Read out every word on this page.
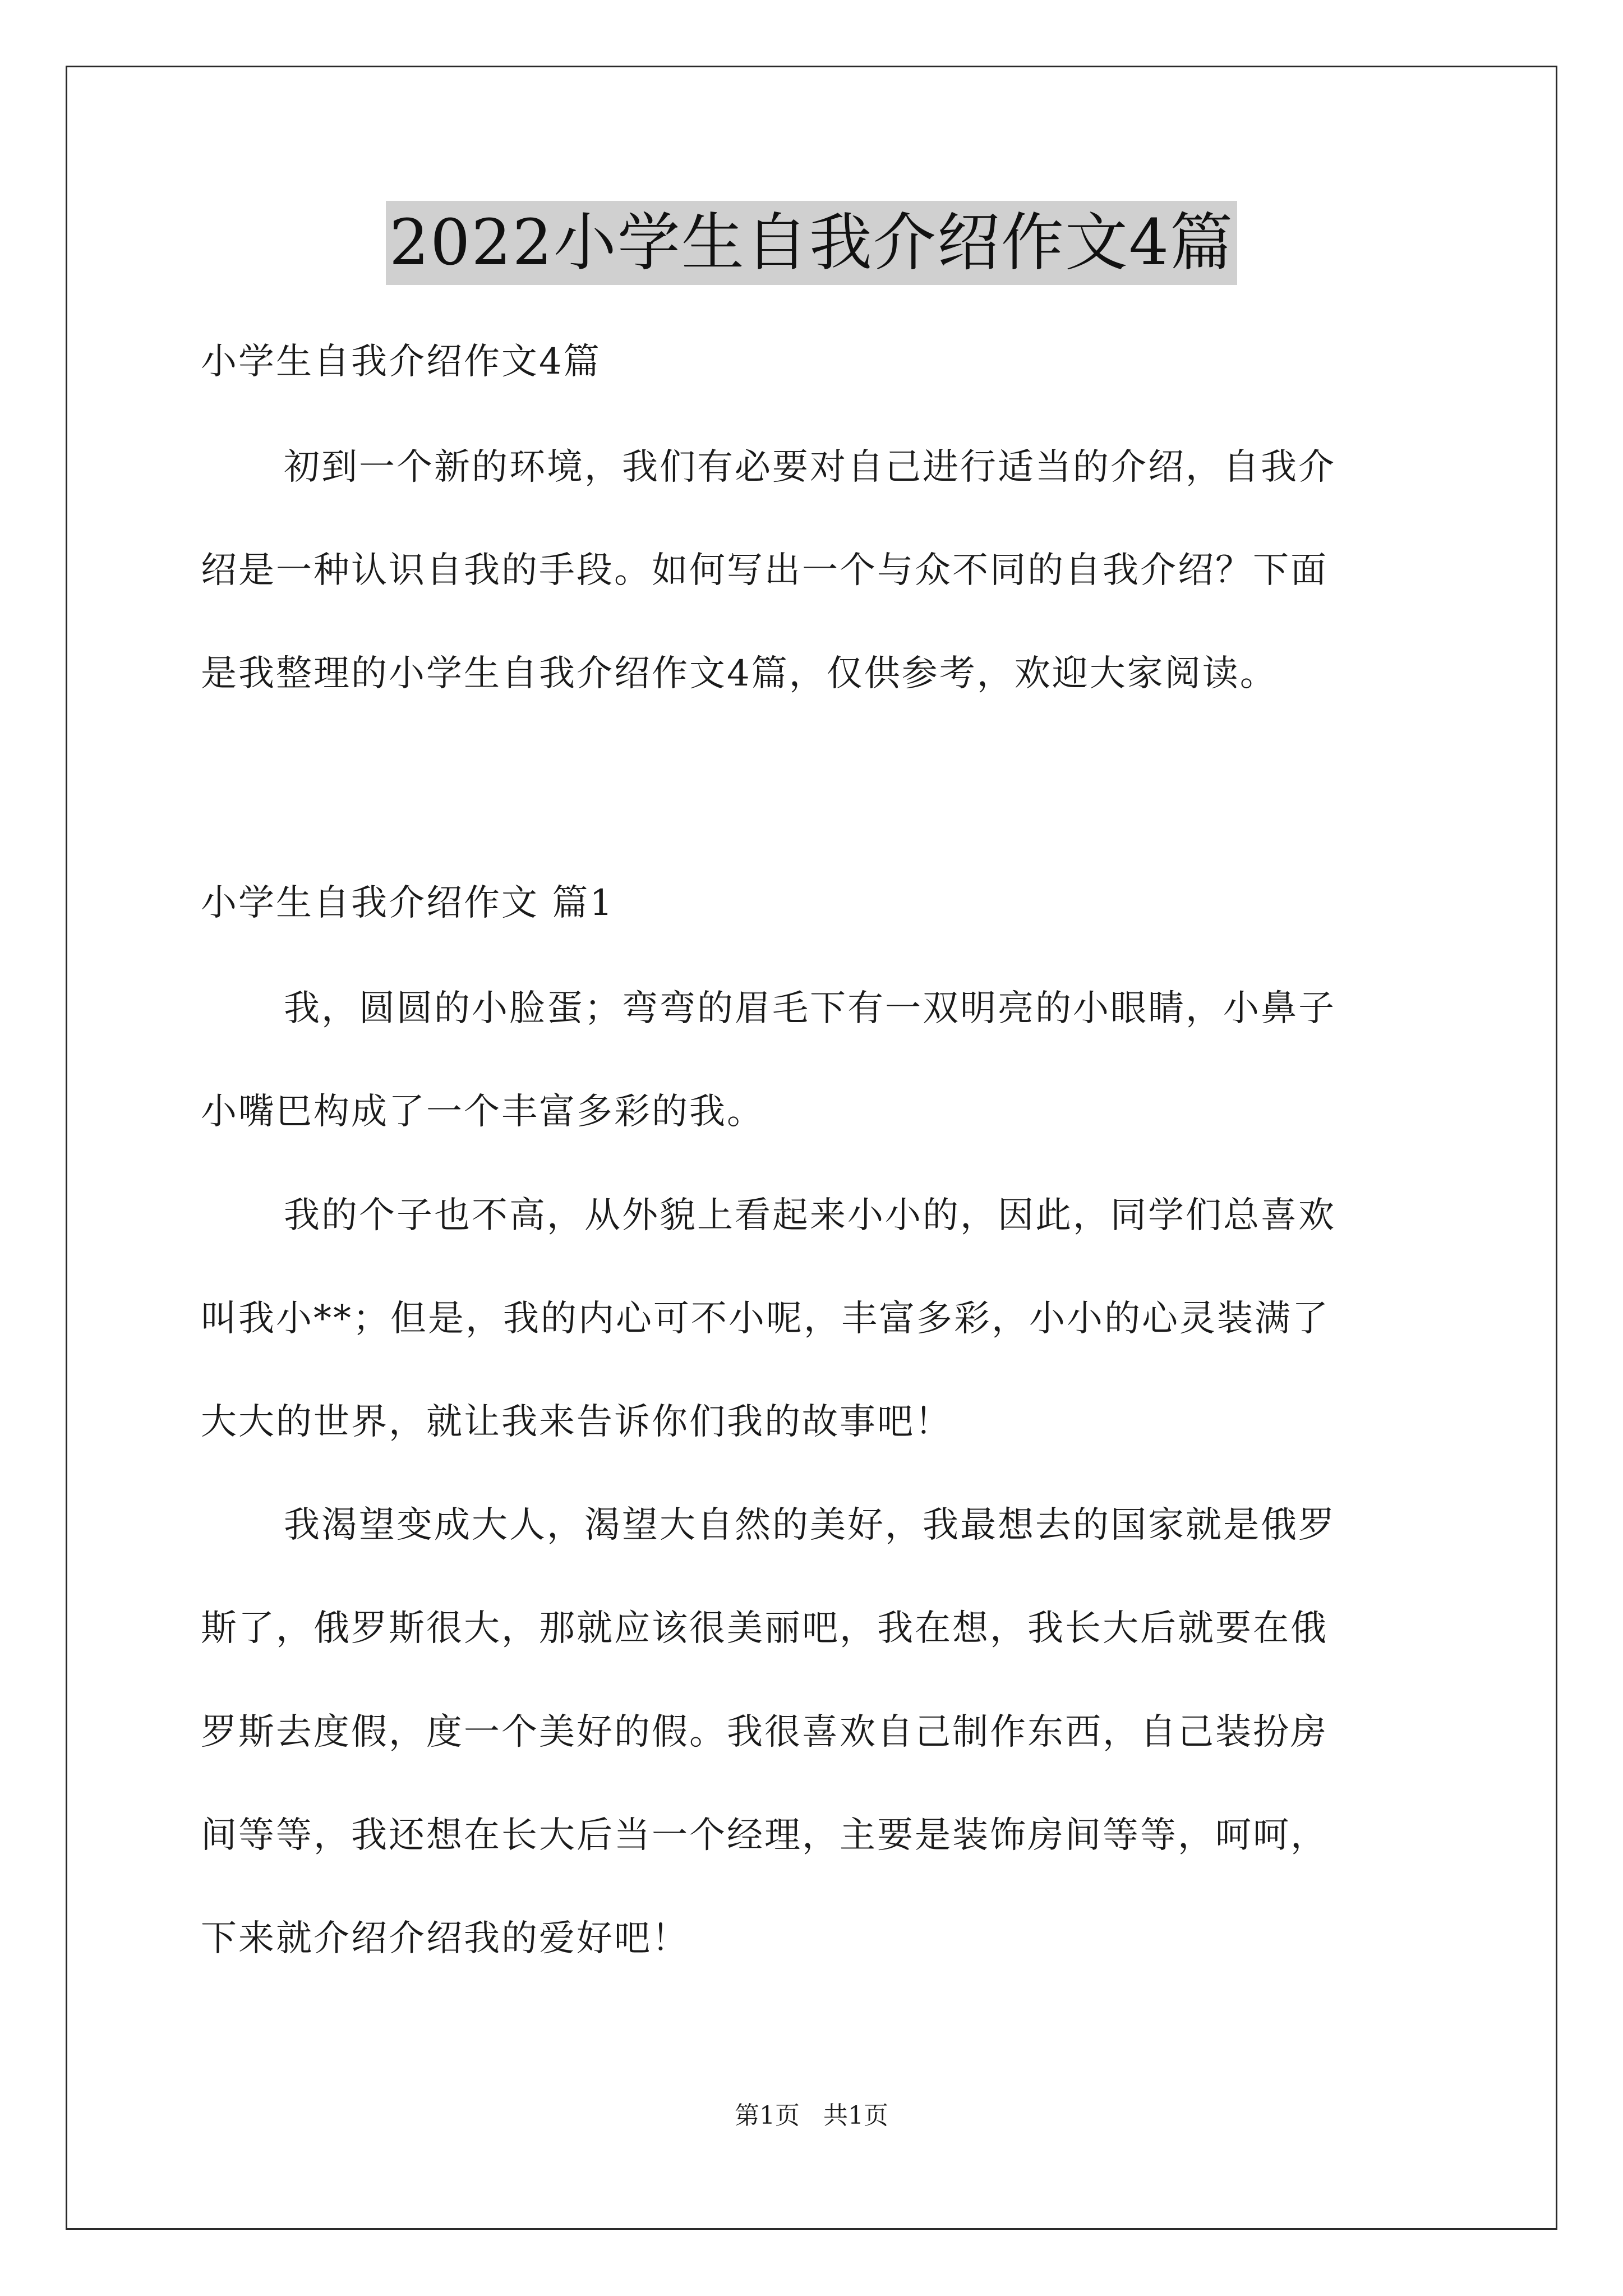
2022小学生自我介绍作文4篇
小学生自我介绍作文4篇
初到一个新的环境，我们有必要对自己进行适当的介绍，自我介
绍是一种认识自我的手段。如何写出一个与众不同的自我介绍？下面
是我整理的小学生自我介绍作文4篇，仅供参考，欢迎大家阅读。
小学生自我介绍作文 篇1
我，圆圆的小脸蛋；弯弯的眉毛下有一双明亮的小眼睛，小鼻子
小嘴巴构成了一个丰富多彩的我。
我的个子也不高，从外貌上看起来小小的，因此，同学们总喜欢
叫我小**；但是，我的内心可不小呢，丰富多彩，小小的心灵装满了
大大的世界，就让我来告诉你们我的故事吧！
我渴望变成大人，渴望大自然的美好，我最想去的国家就是俄罗
斯了，俄罗斯很大，那就应该很美丽吧，我在想，我长大后就要在俄
罗斯去度假，度一个美好的假。我很喜欢自己制作东西，自己装扮房
间等等，我还想在长大后当一个经理，主要是装饰房间等等，呵呵，
下来就介绍介绍我的爱好吧！
第1页   共1页
